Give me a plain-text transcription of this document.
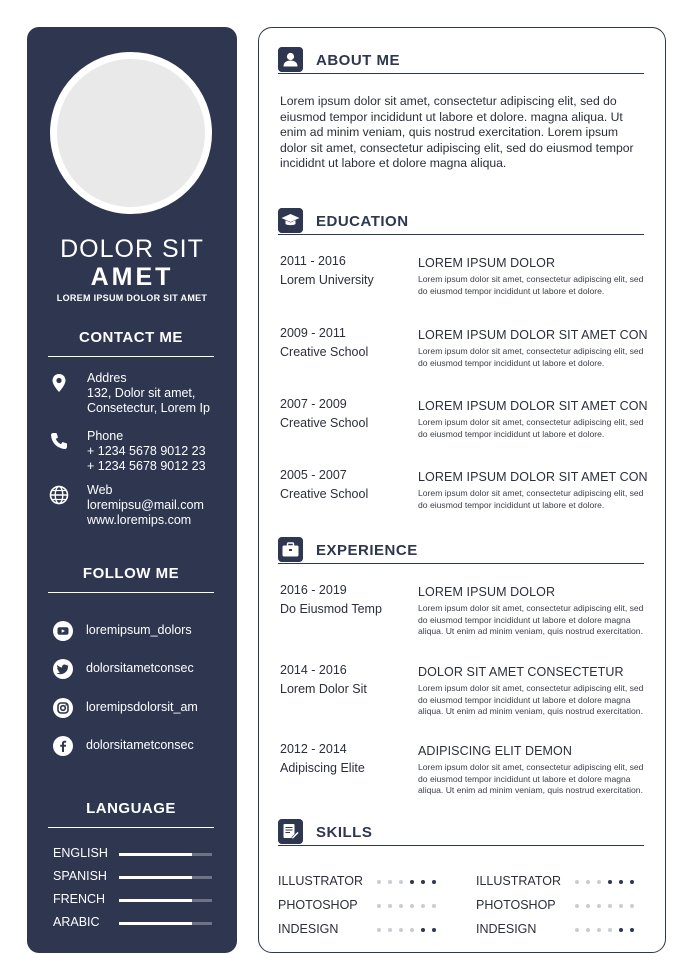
DOLOR SIT
AMET
LOREM IPSUM DOLOR SIT AMET
CONTACT ME
Addres
132, Dolor sit amet,
Consetectur, Lorem Ip
Phone
+ 1234 5678 9012 23
+ 1234 5678 9012 23
Web
loremipsu@mail.com
www.loremips.com
FOLLOW ME
loremipsum_dolors
dolorsitametconsec
loremipsdolorsit_am
dolorsitametconsec
LANGUAGE
ENGLISH
SPANISH
FRENCH
ARABIC
ABOUT ME
Lorem ipsum dolor sit amet, consectetur adipiscing elit, sed do eiusmod tempor incididunt ut labore et dolore. magna aliqua. Ut enim ad minim veniam, quis nostrud exercitation. Lorem ipsum dolor sit amet, consectetur adipiscing elit, sed do eiusmod tempor incididnt ut labore et dolore magna aliqua.
EDUCATION
2011 - 2016
Lorem University
LOREM IPSUM DOLOR
Lorem ipsum dolor sit amet, consectetur adipiscing elit, sed do eiusmod tempor incididunt ut labore et dolore.
2009 - 2011
Creative School
LOREM IPSUM DOLOR SIT AMET CON
Lorem ipsum dolor sit amet, consectetur adipiscing elit, sed do eiusmod tempor incididunt ut labore et dolore.
2007 - 2009
Creative School
LOREM IPSUM DOLOR SIT AMET CON
Lorem ipsum dolor sit amet, consectetur adipiscing elit, sed do eiusmod tempor incididunt ut labore et dolore.
2005 - 2007
Creative School
LOREM IPSUM DOLOR SIT AMET CON
Lorem ipsum dolor sit amet, consectetur adipiscing elit, sed do eiusmod tempor incididunt ut labore et dolore.
EXPERIENCE
2016 - 2019
Do Eiusmod Temp
LOREM IPSUM DOLOR
Lorem ipsum dolor sit amet, consectetur adipiscing elit, sed do eiusmod tempor incididunt ut labore et dolore magna aliqua. Ut enim ad minim veniam, quis nostrud exercitation.
2014 - 2016
Lorem Dolor Sit
DOLOR SIT AMET CONSECTETUR
Lorem ipsum dolor sit amet, consectetur adipiscing elit, sed do eiusmod tempor incididunt ut labore et dolore magna aliqua. Ut enim ad minim veniam, quis nostrud exercitation.
2012 - 2014
Adipiscing Elite
ADIPISCING ELIT DEMON
Lorem ipsum dolor sit amet, consectetur adipiscing elit, sed do eiusmod tempor incididunt ut labore et dolore magna aliqua. Ut enim ad minim veniam, quis nostrud exercitation.
SKILLS
ILLUSTRATOR
PHOTOSHOP
INDESIGN
ILLUSTRATOR
PHOTOSHOP
INDESIGN
